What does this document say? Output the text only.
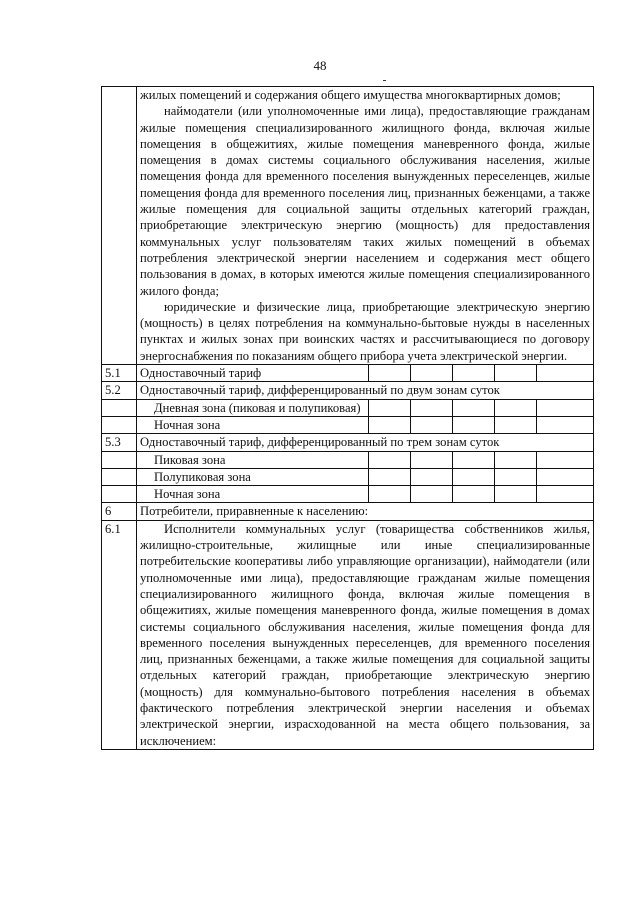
48

	жилых помещений и содержания общего имущества многоквартирных домов;

наймодатели (или уполномоченные ими лица), предоставляющие гражданам жилые помещения специализированного жилищного фонда, включая жилые помещения в общежитиях, жилые помещения маневренного фонда, жилые помещения в домах системы социального обслуживания населения, жилые помещения фонда для временного поселения вынужденных переселенцев, жилые помещения фонда для временного поселения лиц, признанных беженцами, а также жилые помещения для социальной защиты отдельных категорий граждан, приобретающие электрическую энергию (мощность) для предоставления коммунальных услуг пользователям таких жилых помещений в объемах потребления электрической энергии населением и содержания мест общего пользования в домах, в которых имеются жилые помещения специализированного жилого фонда;

юридические и физические лица, приобретающие электрическую энергию (мощность) в целях потребления на коммунально-бытовые нужды в населенных пунктах и жилых зонах при воинских частях и рассчитывающиеся по договору энергоснабжения по показаниям общего прибора учета электрической энергии.					

5.1	Одноставочный тариф					
5.2	Одноставочный тариф, дифференцированный по двум зонам суток					
	Дневная зона (пиковая и полупиковая)					
	Ночная зона					
5.3	Одноставочный тариф, дифференцированный по трем зонам суток					
	Пиковая зона					
	Полупиковая зона					
	Ночная зона					
6	Потребители, приравненные к населению:					
6.1	Исполнители коммунальных услуг (товарищества собственников жилья, жилищно-строительные, жилищные или иные специализированные потребительские кооперативы либо управляющие организации), наймодатели (или уполномоченные ими лица), предоставляющие гражданам жилые помещения специализированного жилищного фонда, включая жилые помещения в общежитиях, жилые помещения маневренного фонда, жилые помещения в домах системы социального обслуживания населения, жилые помещения фонда для временного поселения вынужденных переселенцев, для временного поселения лиц, признанных беженцами, а также жилые помещения для социальной защиты отдельных категорий граждан, приобретающие электрическую энергию (мощность) для коммунально-бытового потребления населения в объемах фактического потребления электрической энергии населения и объемах электрической энергии, израсходованной на места общего пользования, за исключением:					
